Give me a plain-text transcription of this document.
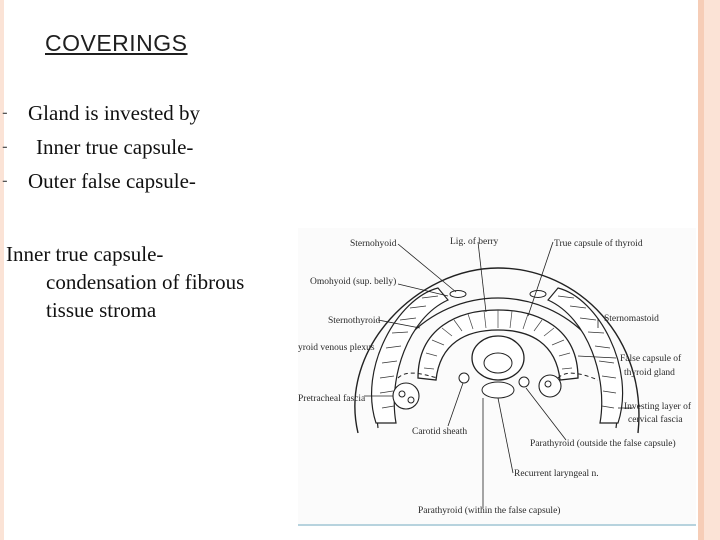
COVERINGS
- Gland is invested by
- Inner true capsule-
- Outer false capsule-
Inner true capsule-
condensation of fibrous
tissue stroma
Sternohyoid	Lig. of berry	True capsule of thyroid
Omohyoid (sup. belly)
Sternothyroid	Sternomastoid
yroid venous plexus
False capsule of
thyroid gland
Pretracheal fascia
Investing layer of
cervical fascia
Carotid sheath
Parathyroid (outside the false capsule)
Recurrent laryngeal n.
Parathyroid (within the false capsule)
